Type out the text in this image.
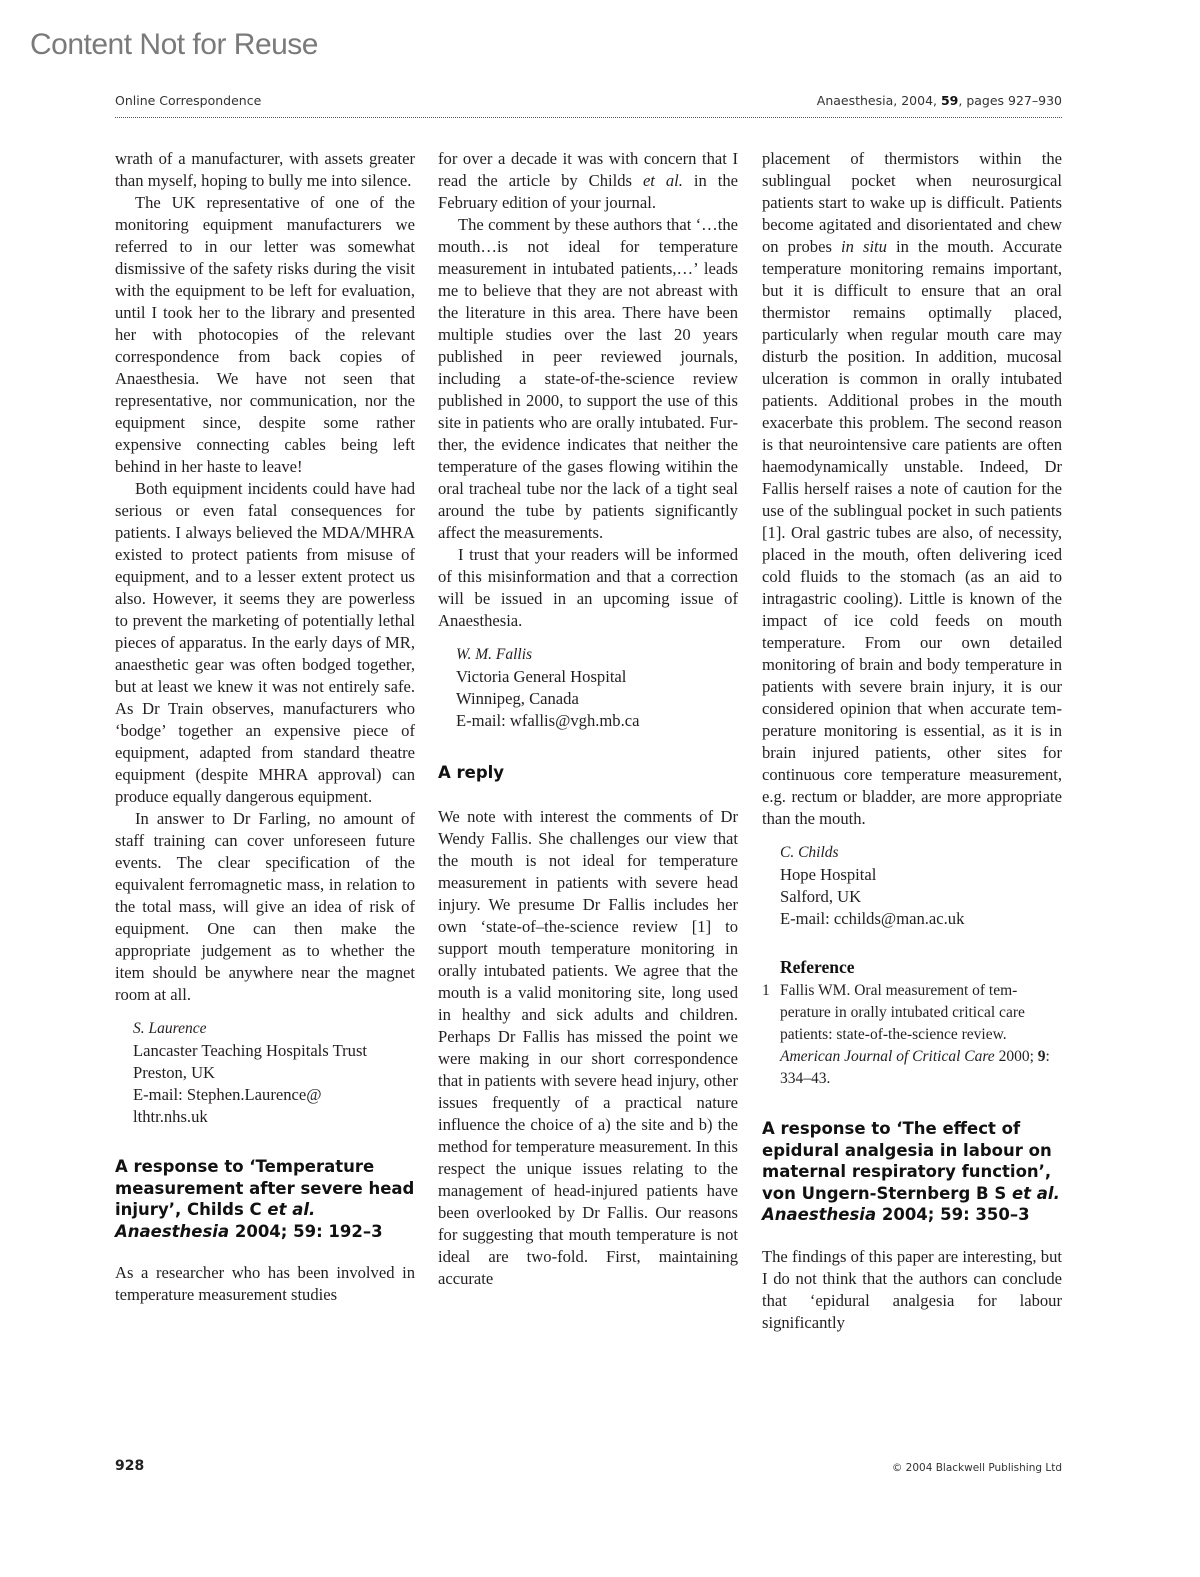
Content Not for Reuse
Online Correspondence	Anaesthesia, 2004, 59, pages 927–930

wrath of a manufacturer, with assets greater than myself, hoping to bully me into silence.

The UK representative of one of the monitoring equipment manufacturers we referred to in our letter was somewhat dismissive of the safety risks during the visit with the equipment to be left for evaluation, until I took her to the library and presented her with photocopies of the relevant correspondence from back copies of Anaesthesia. We have not seen that representative, nor communication, nor the equipment since, despite some rather expensive connecting cables being left behind in her haste to leave!

Both equipment incidents could have had serious or even fatal consequences for patients. I always believed the MDA/MHRA existed to protect patients from misuse of equipment, and to a lesser extent protect us also. However, it seems they are powerless to prevent the marketing of potentially lethal pieces of apparatus. In the early days of MR, anaesthetic gear was often bodged together, but at least we knew it was not entirely safe. As Dr Train observes, manufacturers who ‘bodge’ together an expensive piece of equipment, adapted from standard theatre equipment (despite MHRA approval) can produce equally dangerous equipment.

In answer to Dr Farling, no amount of staff training can cover unforeseen future events. The clear specification of the equivalent ferromagnetic mass, in relation to the total mass, will give an idea of risk of equipment. One can then make the appropriate judgement as to whether the item should be anywhere near the magnet room at all.

S. Laurence
Lancaster Teaching Hospitals Trust
Preston, UK
E-mail: Stephen.Laurence@
lthtr.nhs.uk
A response to ‘Temperature measurement after severe head injury’, Childs C et al.
Anaesthesia 2004; 59: 192–3

As a researcher who has been involved in temperature measurement studies

for over a decade it was with concern that I read the article by Childs et al. in the February edition of your journal.

The comment by these authors that ‘…the mouth…is not ideal for temperature measurement in intubated patients,…’ leads me to believe that they are not abreast with the literature in this area. There have been multiple studies over the last 20 years published in peer reviewed journals, including a state-of-the-science review published in 2000, to support the use of this site in patients who are orally intubated. Further, the evidence indicates that neither the temperature of the gases flowing witihin the oral tracheal tube nor the lack of a tight seal around the tube by patients significantly affect the measurements.

I trust that your readers will be informed of this misinformation and that a correction will be issued in an upcoming issue of Anaesthesia.

W. M. Fallis
Victoria General Hospital
Winnipeg, Canada
E-mail: wfallis@vgh.mb.ca
A reply

We note with interest the comments of Dr Wendy Fallis. She challenges our view that the mouth is not ideal for temperature measurement in patients with severe head injury. We presume Dr Fallis includes her own ‘state-of–the-science review [1] to support mouth temperature monitoring in orally intubated patients. We agree that the mouth is a valid monitoring site, long used in healthy and sick adults and children. Perhaps Dr Fallis has missed the point we were making in our short correspondence that in patients with severe head injury, other issues frequently of a practical nature influence the choice of a) the site and b) the method for temperature measurement. In this respect the unique issues relating to the management of head-injured patients have been overlooked by Dr Fallis. Our reasons for suggesting that mouth temperature is not ideal are two-fold. First, maintaining accurate

placement of thermistors within the sublingual pocket when neurosurgical patients start to wake up is difficult. Patients become agitated and disorientated and chew on probes in situ in the mouth. Accurate temperature monitoring remains important, but it is difficult to ensure that an oral thermistor remains optimally placed, particularly when regular mouth care may disturb the position. In addition, mucosal ulceration is common in orally intubated patients. Additional probes in the mouth exacerbate this problem. The second reason is that neurointensive care patients are often haemodynamically unstable. Indeed, Dr Fallis herself raises a note of caution for the use of the sublingual pocket in such patients [1]. Oral gastric tubes are also, of necessity, placed in the mouth, often delivering iced cold fluids to the stomach (as an aid to intragastric cooling). Little is known of the impact of ice cold feeds on mouth temperature. From our own detailed monitoring of brain and body temperature in patients with severe brain injury, it is our considered opinion that when accurate temperature monitoring is essential, as it is in brain injured patients, other sites for continuous core temperature measurement, e.g. rectum or bladder, are more appropriate than the mouth.

C. Childs
Hope Hospital
Salford, UK
E-mail: cchilds@man.ac.uk
Reference
1 Fallis WM. Oral measurement of temperature in orally intubated critical care patients: state-of-the-science review. American Journal of Critical Care 2000; 9: 334–43.
A response to ‘The effect of epidural analgesia in labour on maternal respiratory function’, von Ungern-Sternberg B S et al.
Anaesthesia 2004; 59: 350–3

The findings of this paper are interesting, but I do not think that the authors can conclude that ‘epidural analgesia for labour significantly

928	© 2004 Blackwell Publishing Ltd
